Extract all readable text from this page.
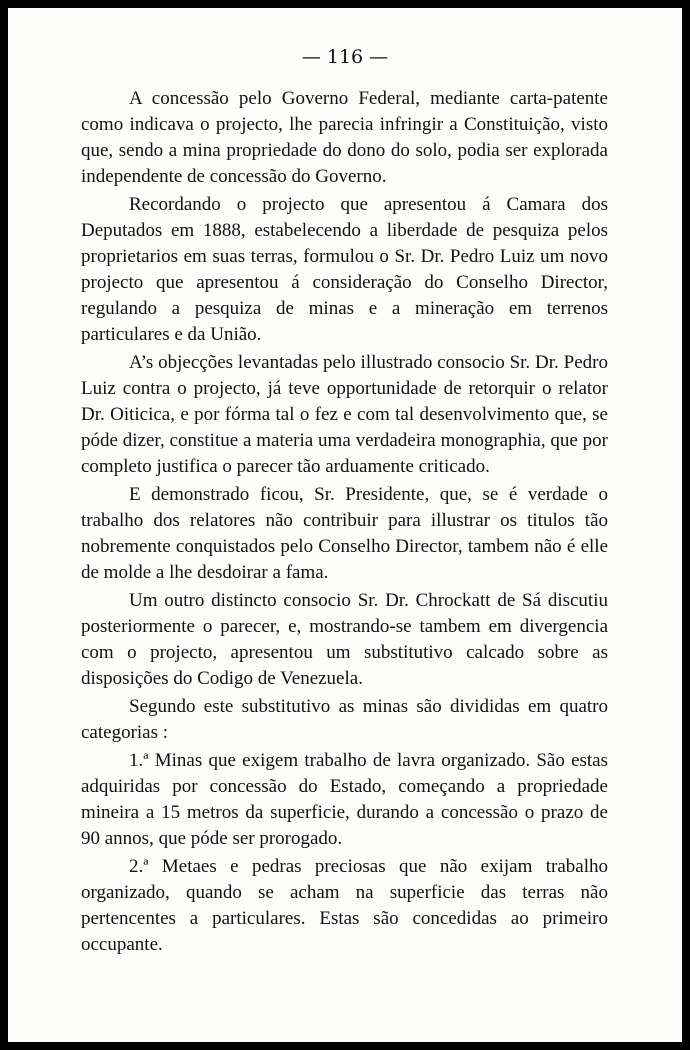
— 116 —

A concessão pelo Governo Federal, mediante carta-patente como indicava o projecto, lhe parecia infringir a Constituição, visto que, sendo a mina propriedade do dono do solo, podia ser explorada independente de concessão do Governo.

Recordando o projecto que apresentou á Camara dos Deputados em 1888, estabelecendo a liberdade de pesquiza pelos proprietarios em suas terras, formulou o Sr. Dr. Pedro Luiz um novo projecto que apresentou á consideração do Conselho Director, regulando a pesquiza de minas e a mineração em terrenos particulares e da União.

A’s objecções levantadas pelo illustrado consocio Sr. Dr. Pedro Luiz contra o projecto, já teve opportunidade de retorquir o relator Dr. Oiticica, e por fórma tal o fez e com tal desenvolvimento que, se póde dizer, constitue a materia uma verdadeira monographia, que por completo justifica o parecer tão arduamente criticado.

E demonstrado ficou, Sr. Presidente, que, se é verdade o trabalho dos relatores não contribuir para illustrar os titulos tão nobremente conquistados pelo Conselho Director, tambem não é elle de molde a lhe desdoirar a fama.

Um outro distincto consocio Sr. Dr. Chrockatt de Sá discutiu posteriormente o parecer, e, mostrando-se tambem em divergencia com o projecto, apresentou um substitutivo calcado sobre as disposições do Codigo de Venezuela.

Segundo este substitutivo as minas são divididas em quatro categorias :

1.ª Minas que exigem trabalho de lavra organizado. São estas adquiridas por concessão do Estado, começando a propriedade mineira a 15 metros da superficie, durando a concessão o prazo de 90 annos, que póde ser prorogado.

2.ª Metaes e pedras preciosas que não exijam trabalho organizado, quando se acham na superficie das terras não pertencentes a particulares. Estas são concedidas ao primeiro occupante.
